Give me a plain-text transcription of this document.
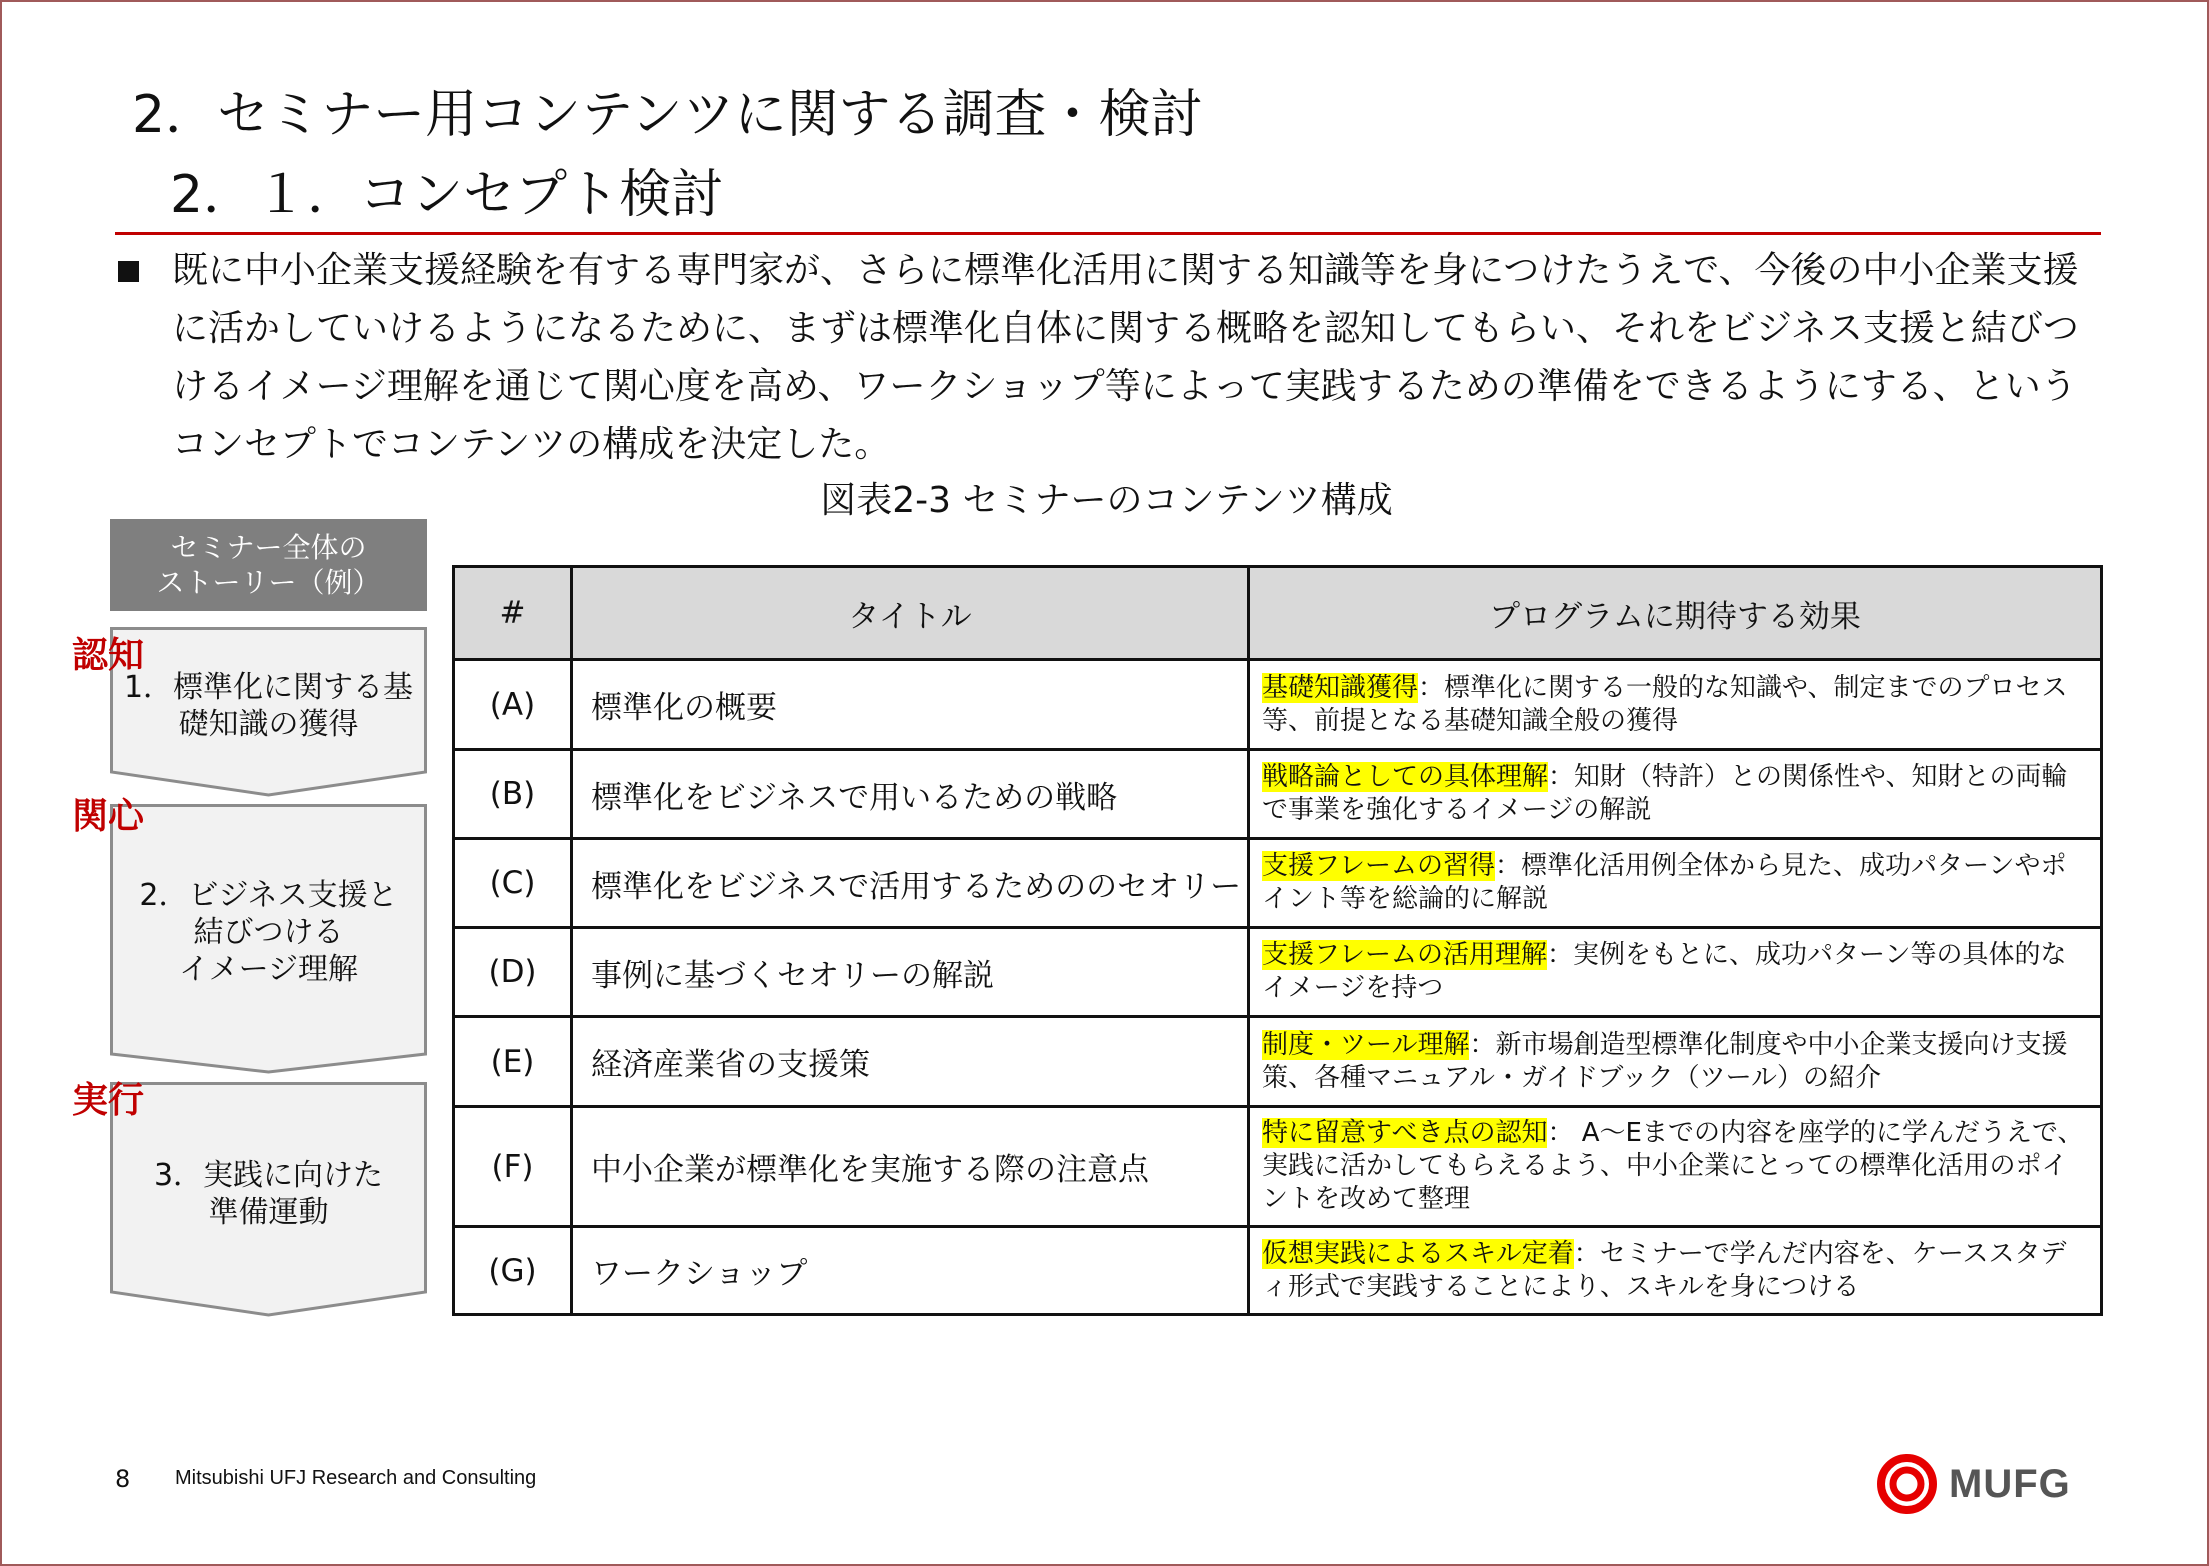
2．セミナー用コンテンツに関する調査・検討
2．１．コンセプト検討
既に中小企業支援経験を有する専門家が、さらに標準化活用に関する知識等を身につけたうえで、今後の中小企業支援に活かしていけるようになるために、まずは標準化自体に関する概略を認知してもらい、それをビジネス支援と結びつけるイメージ理解を通じて関心度を高め、ワークショップ等によって実践するための準備をできるようにする、というコンセプトでコンテンツの構成を決定した。
図表2-3 セミナーのコンテンツ構成
セミナー全体の
ストーリー（例）
1．標準化に関する基
礎知識の獲得
認知
2．ビジネス支援と
結びつける
イメージ理解
関心
3．実践に向けた
準備運動
実行
#	タイトル	プログラムに期待する効果
(A)	標準化の概要	基礎知識獲得：標準化に関する一般的な知識や、制定までのプロセス等、前提となる基礎知識全般の獲得
(B)	標準化をビジネスで用いるための戦略	戦略論としての具体理解：知財（特許）との関係性や、知財との両輪で事業を強化するイメージの解説
(C)	標準化をビジネスで活用するためののセオリー	支援フレームの習得：標準化活用例全体から見た、成功パターンやポイント等を総論的に解説
(D)	事例に基づくセオリーの解説	支援フレームの活用理解：実例をもとに、成功パターン等の具体的なイメージを持つ
(E)	経済産業省の支援策	制度・ツール理解：新市場創造型標準化制度や中小企業支援向け支援策、各種マニュアル・ガイドブック（ツール）の紹介
(F)	中小企業が標準化を実施する際の注意点	特に留意すべき点の認知： A～Eまでの内容を座学的に学んだうえで、実践に活かしてもらえるよう、中小企業にとっての標準化活用のポイントを改めて整理
(G)	ワークショップ	仮想実践によるスキル定着：セミナーで学んだ内容を、ケーススタディ形式で実践することにより、スキルを身につける
8 Mitsubishi UFJ Research and Consulting	MUFG
